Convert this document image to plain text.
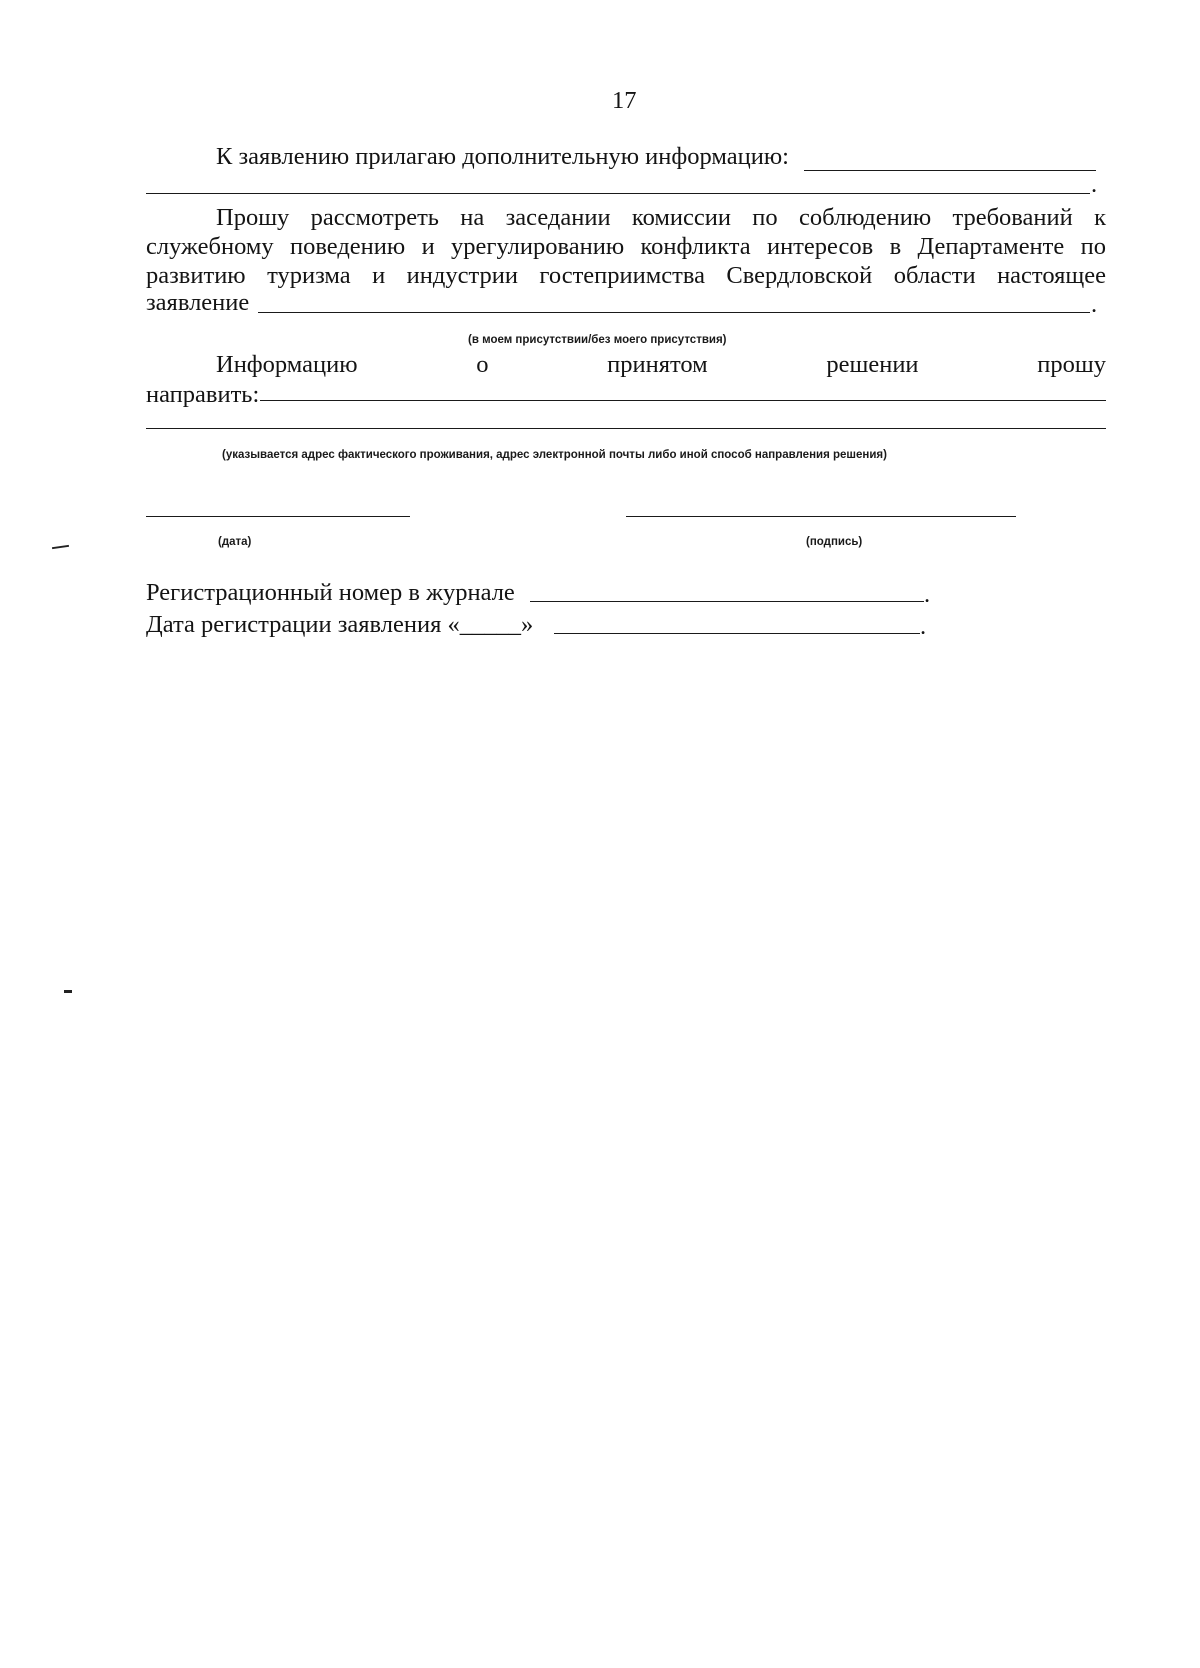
17
К заявлению прилагаю дополнительную информацию:
.
Прошу рассмотреть на заседании комиссии по соблюдению требований к
служебному поведению и урегулированию конфликта интересов в Департаменте по
развитию туризма и индустрии гостеприимства Свердловской области настоящее
заявление	.
(в моем присутствии/без моего присутствия)
Информацию	о	принятом	решении	прошу
направить:
(указывается адрес фактического проживания, адрес электронной почты либо иной способ направления решения)
(дата)	(подпись)
Регистрационный номер в журнале	.
Дата регистрации заявления «_____»	.
